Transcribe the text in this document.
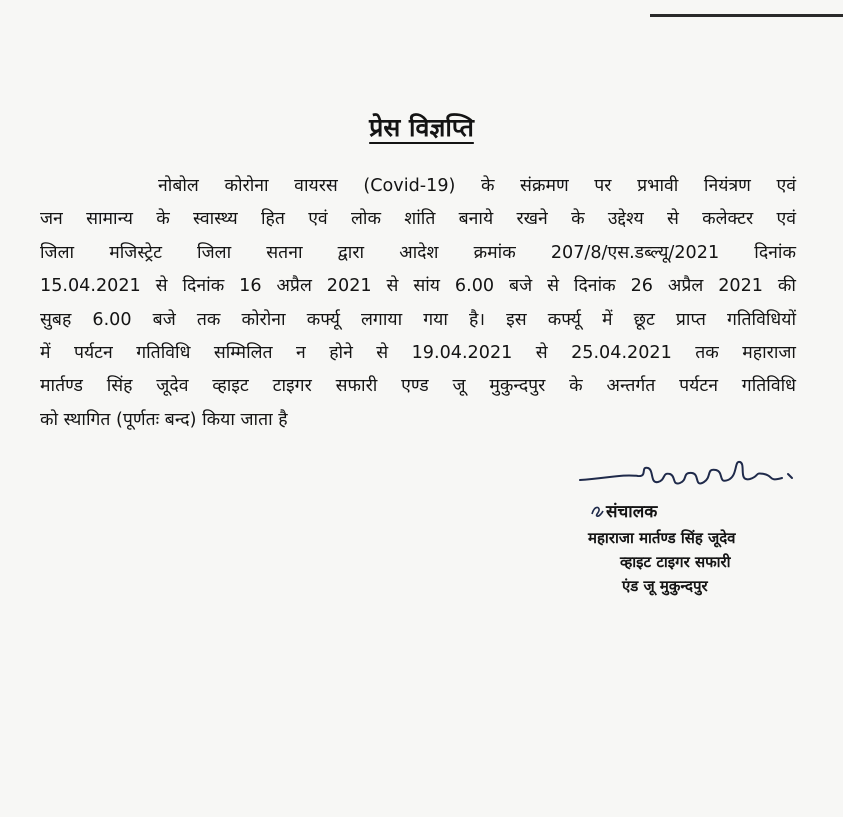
प्रेस विज्ञप्ति
नोबोल कोरोना वायरस (Covid-19) के संक्रमण पर प्रभावी नियंत्रण एवं
जन सामान्य के स्वास्थ्य हित एवं लोक शांति बनाये रखने के उद्देश्य से कलेक्टर एवं
जिला मजिस्ट्रेट जिला सतना द्वारा आदेश क्रमांक 207/8/एस.डब्ल्यू/2021 दिनांक
15.04.2021 से दिनांक 16 अप्रैल 2021 से सांय 6.00 बजे से दिनांक 26 अप्रैल 2021 की
सुबह 6.00 बजे तक कोरोना कर्फ्यू लगाया गया है। इस कर्फ्यू में छूट प्राप्त गतिविधियों
में पर्यटन गतिविधि सम्मिलित न होने से 19.04.2021 से 25.04.2021 तक महाराजा
मार्तण्ड सिंह जूदेव व्हाइट टाइगर सफारी एण्ड जू मुकुन्दपुर के अन्तर्गत पर्यटन गतिविधि
को स्थागित (पूर्णतः बन्द) किया जाता है
संचालक
महाराजा मार्तण्ड सिंह जूदेव
व्हाइट टाइगर सफारी
एंड जू मुकुन्दपुर
